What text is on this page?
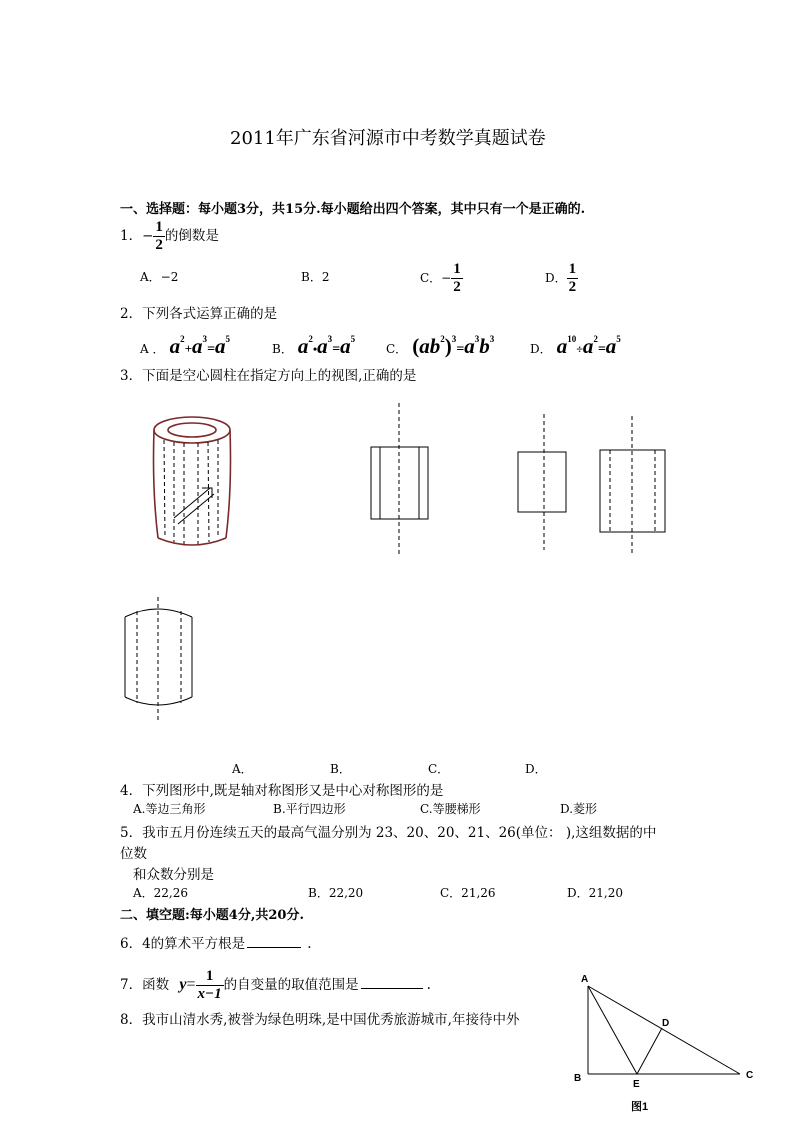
2011年广东省河源市中考数学真题试卷
一、选择题：每小题3分，共15分.每小题给出四个答案，其中只有一个是正确的.
1．− $\frac{1}{2}$ 的倒数是
A．−2	B．2	C．− $\frac{1}{2}$	D． $\frac{1}{2}$
2．下列各式运算正确的是
A ． $a^2+a^3=a^5$
B． $a^2•a^3=a^5$
C． $(ab^2)^3=a^3b^3$
D． $a^{10}\div a^2=a^5$
3．下面是空心圆柱在指定方向上的视图,正确的是
A．	B．	C．	D．
4．下列图形中,既是轴对称图形又是中心对称图形的是
A.等边三角形	B.平行四边形	C.等腰梯形	D.菱形
5．我市五月份连续五天的最高气温分别为 23、20、20、21、26(单位： ),这组数据的中
位数
和众数分别是
A．22,26	B．22,20	C．21,26	D．21,20
二、填空题:每小题4分,共20分.
6．4的算术平方根是	.
7．函数 $y= \frac{1}{x-1}$ 的自变量的取值范围是	.
8．我市山清水秀,被誉为绿色明珠,是中国优秀旅游城市,年接待中外
A
B	C
D
E
图1
